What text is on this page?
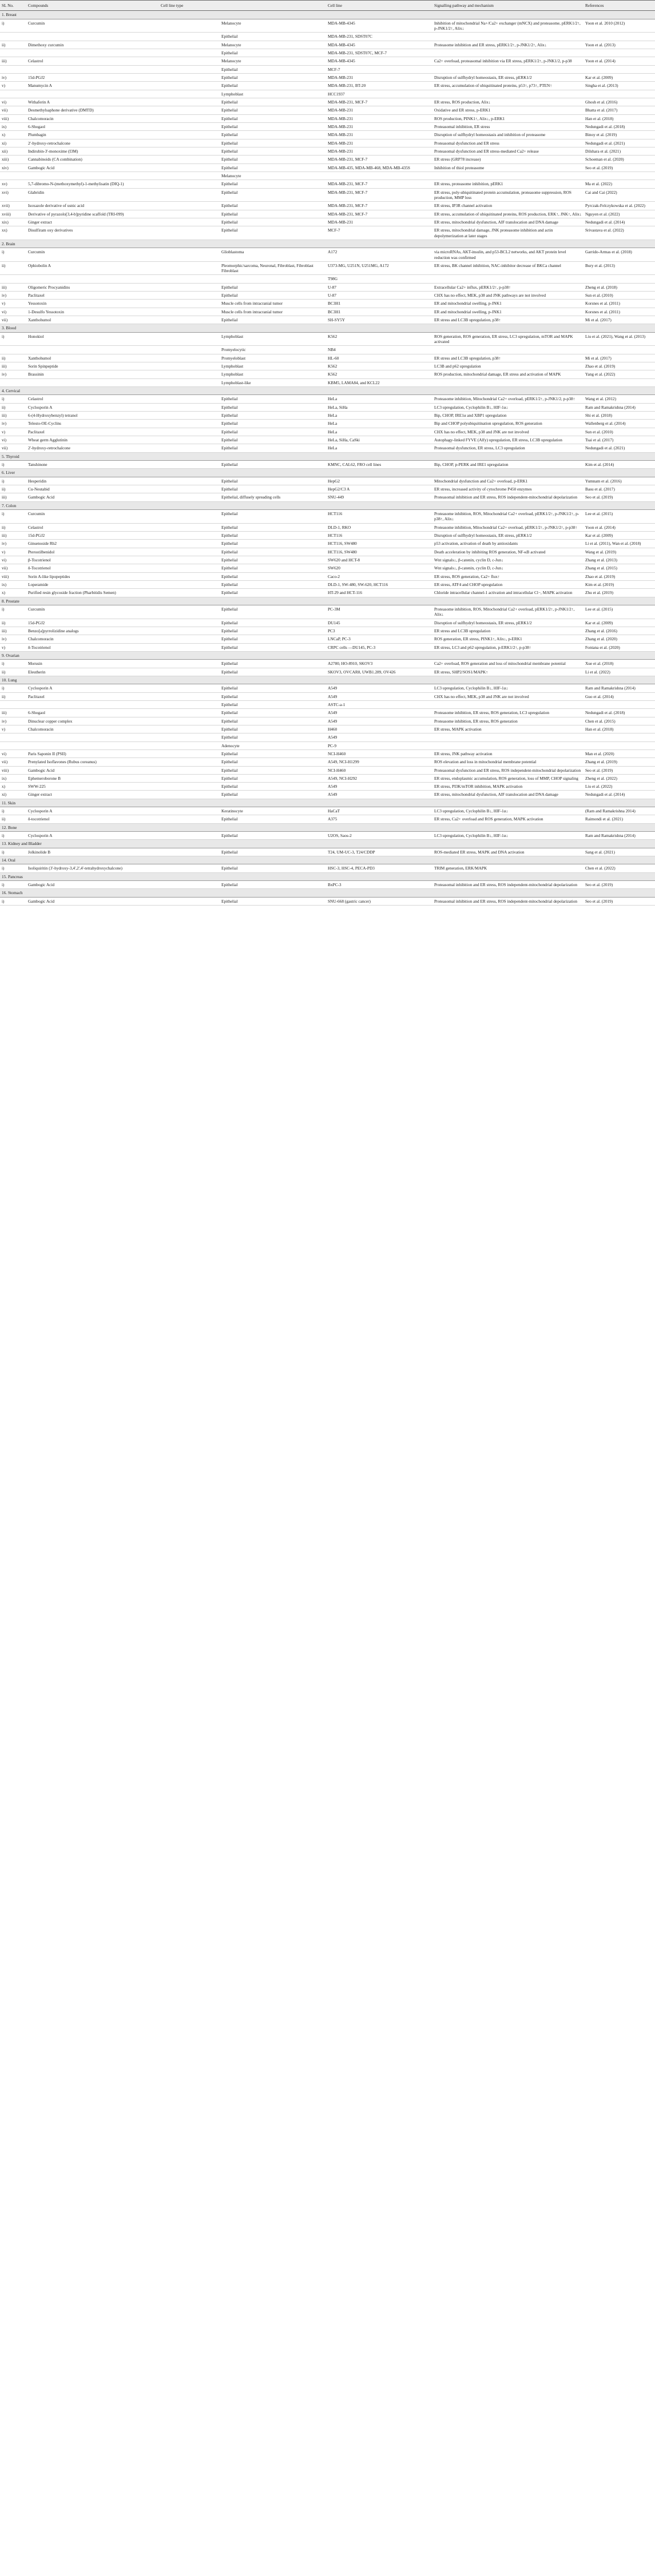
SL No.	Compounds	Cell line type		Cell line	Signalling pathway and mechanism	References
1. Breast						
i)	Curcumin		Melanocyte	MDA-MB-4345	Inhibition of mitochondrial Na+/Ca2+ exchanger (mNCX) and proteasome, pERK1/2↑, p-JNK1/2↑, Alix↓	Yoon et al. 2010 (2012)
			Epithelial	MDA-MB-231, SDST07C		
ii)	Dimethoxy curcumin		Melanocyte	MDA-MB-4345	Proteasome inhibition and ER stress, pERK1/2↑, p-JNK1/2↑, Alix↓	Yoon et al. (2013)
			Epithelial	MDA-MB-231, SDST07C, MCF-7		
iii)	Celastrol		Melanocyte	MDA-MB-4345	Ca2+ overload, proteasomal inhibition via ER stress, pERK1/2↑, p-JNK1/2, p-p38	Yoon et al. (2014)
			Epithelial	MCF-7		
iv)	15d-PGJ2		Epithelial	MDA-MB-231	Disruption of sulfhydryl homeostasis, ER stress, pERK1/2	Kar et al. (2009)
v)	Manumycin A		Epithelial	MDA-MB-231, BT-20	ER stress, accumulation of ubiquitinated proteins, p53↑, p73↑, PTEN↑	Singha et al. (2013)
			Lymphoblast	HCC1937		
vi)	Withaferin A		Epithelial	MDA-MB-231, MCF-7	ER stress, ROS production, Alix↓	Ghosh et al. (2016)
vii)	Desmethylsaphone derivative (DMTD)		Epithelial	MDA-MB-231	Oxidative and ER stress, p-ERK1	Bhatta et al. (2017)
viii)	Chalcomoracin		Epithelial	MDA-MB-231	ROS production, PINK1↑, Alix↓, p-ERK1	Han et al. (2018)
ix)	6-Shogaol		Epithelial	MDA-MB-231	Proteasomal inhibition, ER stress	Nedungadi et al. (2018)
x)	Plumbagin		Epithelial	MDA-MB-231	Disruption of sulfhydryl homeostasis and inhibition of proteasome	Binoy et al. (2019)
xi)	2'-hydroxy-retrochalcone		Epithelial	MDA-MB-231	Proteasomal dysfunction and ER stress	Nedungadi et al. (2021)
xii)	Indirubin-3'-monoxime (I3M)		Epithelial	MDA-MB-231	Proteasomal dysfunction and ER stress-mediated Ca2+ release	Dilshara et al. (2021)
xiii)	Cannabinoids (CA combination)		Epithelial	MDA-MB-231, MCF-7	ER stress (GRP78 increase)	Schoeman et al. (2020)
xiv)	Gambogic Acid		Epithelial	MDA-MB-435, MDA-MB-468, MDA-MB-435S	Inhibition of thiol proteasome	Seo et al. (2019)
			Melanocyte			
xv)	5,7-dibromo-N-(methoxymethyl)-1-methylisatin (DIQ-1)		Epithelial	MDA-MB-231, MCF-7	ER stress, proteasome inhibition, pERK1	Ma et al. (2022)
xvi)	Glabridin		Epithelial	MDA-MB-231, MCF-7	ER stress, poly-ubiquitinated protein accumulation, proteasome suppression, ROS production, MMP loss	Cai and Cai (2022)
xvii)	Isoxazole derivative of usnic acid		Epithelial	MDA-MB-231, MCF-7	ER stress, IP3R channel activation	Pyrczak-Felczykowska et al. (2022)
xviii)	Derivative of pyrazolo[3,4-b]pyridine scaffold (TRI-099)		Epithelial	MDA-MB-231, MCF-7	ER stress, accumulation of ubiquitinated proteins, ROS production, ERK↑, JNK↑, Alix↓	Nguyen et al. (2022)
xix)	Ginger extract		Epithelial	MDA-MB-231	ER stress, mitochondrial dysfunction, AIF translocation and DNA damage	Nedungadi et al. (2014)
xx)	Disulfiram oxy derivatives		Epithelial	MCF-7	ER stress, mitochondrial damage, JNK proteasome inhibition and actin depolymerization at later stages	Srivastava et al. (2022)
2. Brain						
i)	Curcumin		Glioblastoma	A172	via microRNAs, AKT-insulin, and p53-BCL2 networks, and AKT protein level reduction was confirmed	Garrido-Armas et al. (2018)
ii)	Ophiobolin A		Pleomorphic/sarcoma, Neuronal, Fibroblast, Fibroblast Fibroblast	U373-MG, U251N, U251MG, A172	ER stress, BK channel inhibition, NAC-inhibitor decrease of BKCa channel	Bury et al. (2013)
				T98G		
iii)	Oligomeric Procyanidins		Epithelial	U-87	Extracellular Ca2+ influx, pERK1/2↑, p-p38↑	Zheng et al. (2018)
iv)	Paclitaxel		Epithelial	U-87	CHX has no effect, MEK, p38 and JNK pathways are not involved	Sun et al. (2010)
v)	Yessotoxin		Muscle cells from intracranial tumor	BC3H1	ER and mitochondrial swelling, p-JNK1	Korsnes et al. (2011)
vi)	1-Desulfo Yessotoxin		Muscle cells from intracranial tumor	BC3H1	ER and mitochondrial swelling, p-JNK1	Korsnes et al. (2011)
vii)	Xanthohumol		Epithelial	SH-SY5Y	ER stress and LC3B upregulation, p38↑	Mi et al. (2017)
3. Blood						
i)	Honokiol		Lymphoblast	K562	ROS generation, ROS generation, ER stress, LC3 upregulation, mTOR and MAPK activated	Liu et al. (2021), Wang et al. (2013)
			Promyelocytic	NB4		
ii)	Xanthohumol		Promyeloblast	HL-60	ER stress and LC3B upregulation, p38↑	Mi et al. (2017)
iii)	Sorin Spinpeptide		Lymphoblast	K562	LC3B and p62 upregulation	Zhao et al. (2019)
iv)	Brassinin		Lymphoblast	K562	ROS production, mitochondrial damage, ER stress and activation of MAPK	Yang et al. (2022)
			Lymphoblast-like	KBM5, LAMA84, and KCL22		
4. Cervical						
i)	Celastrol		Epithelial	HeLa	Proteasome inhibition, Mitochondrial Ca2+ overload, pERK1/2↑, p-JNK1/2, p-p38↑	Wang et al. (2012)
ii)	Cyclosporin A		Epithelial	HeLa, SiHa	LC3 upregulation, Cyclophilin B↓, HIF-1α↓	Ram and Ramakrishna (2014)
iii)	6-(4-Hydroxybenzyl) tetranol		Epithelial	HeLa	Bip, CHOP, IRE1α and XBP1 upregulation	Shi et al. (2018)
iv)	Telesto-OE-Cyclins		Epithelial	HeLa	Bip and CHOP polyubiquitination upregulation, ROS generation	Wallenberg et al. (2014)
v)	Paclitaxel		Epithelial	HeLa	CHX has no effect, MEK, p38 and JNK are not involved	Sun et al. (2010)
vi)	Wheat germ Agglutinin		Epithelial	HeLa, SiHa, CaSki	Autophagy-linked FYVE (Alfy) upregulation, ER stress, LC3B upregulation	Tsai et al. (2017)
vii)	2'-hydroxy-retrochalcone		Epithelial	HeLa	Proteasomal dysfunction, ER stress, LC3 upregulation	Nedungadi et al. (2021)
5. Thyroid						
i)	Tanshinone		Epithelial	KMNC, CAL62, FRO cell lines	Bip, CHOP, p-PERK and IRE1 upregulation	Kim et al. (2014)
6. Liver						
i)	Hesperidin		Epithelial	HepG2	Mitochondrial dysfunction and Ca2+ overload, p-ERK1	Yumnam et al. (2016)
ii)	Cu-Neutabid		Epithelial	HepG2/C3 A	ER stress, increased activity of cytochrome P450 enzymes	Basu et al. (2017)
iii)	Gambogic Acid		Epithelial, diffusely spreading cells	SNU-449	Proteasomal inhibition and ER stress, ROS independent-mitochondrial depolarization	Seo et al. (2019)
7. Colon						
i)	Curcumin		Epithelial	HCT116	Proteasome inhibition, ROS, Mitochondrial Ca2+ overload, pERK1/2↑, p-JNK1/2↑, p-p38↑, Alix↓	Lee et al. (2015)
ii)	Celastrol		Epithelial	DLD-1, RKO	Proteasome inhibition, Mitochondrial Ca2+ overload, pERK1/2↑, p-JNK1/2↑, p-p38↑	Yoon et al. (2014)
iii)	15d-PGJ2		Epithelial	HCT116	Disruption of sulfhydryl homeostasis, ER stress, pERK1/2	Kar et al. (2009)
iv)	Ginsenoside Rh2		Epithelial	HCT116, SW480	p53 activation, activation of death by antioxidants	Li et al. (2011), Wan et al. (2018)
v)	Pterostilbenidol		Epithelial	HCT116, SW480	Death acceleration by inhibiting ROS generation, NF-κB activated	Wang et al. (2019)
vi)	β-Tocotrienol		Epithelial	SW620 and HCT-8	Wnt signals↓, β-catenin, cyclin D, c-Jun↓	Zhang et al. (2013)
vii)	δ-Tocotrienol		Epithelial	SW620	Wnt signals↓, β-catenin, cyclin D, c-Jun↓	Zhang et al. (2015)
viii)	Sorin A-like lipopeptides		Epithelial	Caco-2	ER stress, ROS generation, Ca2+ flux↑	Zhao et al. (2019)
ix)	Loperamide		Epithelial	DLD-1, SW-480, SW-620, HCT116	ER stress, ATF4 and CHOP upregulation	Kim et al. (2019)
x)	Purified resin glycoside fraction (Pharbitidis Semen)		Epithelial	HT-29 and HCT-116	Chloride intracellular channel-1 activation and intracellular Cl−, MAPK activation	Zhu et al. (2019)
8. Prostate						
i)	Curcumin		Epithelial	PC-3M	Proteasome inhibition, ROS, Mitochondrial Ca2+ overload, pERK1/2↑, p-JNK1/2↑, Alix↓	Lee et al. (2015)
ii)	15d-PGJ2		Epithelial	DU145	Disruption of sulfhydryl homeostasis, ER stress, pERK1/2	Kar et al. (2009)
iii)	Benzo[a]pyrrolizidine analogs		Epithelial	PC3	ER stress and LC3B upregulation	Zhang et al. (2016)
iv)	Chalcomoracin		Epithelial	LNCaP, PC-3	ROS generation, ER stress, PINK1↑, Alix↓, p-ERK1	Zhang et al. (2020)
v)	δ-Tocotrienol		Epithelial	CRPC cells —DU145, PC-3	ER stress, LC3 and p62 upregulation, p-ERK1/2↑, p-p38↑	Fontana et al. (2020)
9. Ovarian						
i)	Morusin		Epithelial	A2780, HO-8910, SKOV3	Ca2+ overload, ROS generation and loss of mitochondrial membrane potential	Xue et al. (2018)
ii)	Eleutherin		Epithelial	SKOV3, OVCAR8, UWB1.289, OV426	ER stress, SHP2/SOS1/MAPK↑	Li et al. (2022)
10. Lung						
i)	Cyclosporin A		Epithelial	A549	LC3 upregulation, Cyclophilin B↓, HIF-1α↓	Ram and Ramakrishna (2014)
ii)	Paclitaxel		Epithelial	A549	CHX has no effect, MEK, p38 and JNK are not involved	Guo et al. (2014)
			Epithelial	ASTC-a-1		
iii)	6-Shogaol		Epithelial	A549	Proteasome inhibition, ER stress, ROS generation, LC3 upregulation	Nedungadi et al. (2018)
iv)	Dinuclear copper complex		Epithelial	A549	Proteasome inhibition, ER stress, ROS generation	Chen et al. (2015)
v)	Chalcomoracin		Epithelial	H460	ER stress, MAPK activation	Han et al. (2018)
			Epithelial	A549		
			Adenocyte	PC-9		
vi)	Paris Saponin II (PSII)		Epithelial	NCI-H460	ER stress, JNK pathway activation	Man et al. (2020)
vii)	Prenylated Isoflavones (Rubus coreanus)		Epithelial	A549, NCI-H1299	ROS elevation and loss in mitochondrial membrane potential	Zhang et al. (2019)
viii)	Gambogic Acid		Epithelial	NCI-H460	Proteasomal dysfunction and ER stress, ROS independent-mitochondrial depolarization	Seo et al. (2019)
ix)	Ephemeroborone B		Epithelial	A549, NCI-H292	ER stress, endoplasmic accumulation, ROS generation, loss of MMP, CHOP signaling	Zheng et al. (2022)
x)	SWW-225		Epithelial	A549	ER stress, PI3K/mTOR inhibition, MAPK activation	Liu et al. (2022)
xi)	Ginger extract		Epithelial	A549	ER stress, mitochondrial dysfunction, AIF translocation and DNA damage	Nedungadi et al. (2014)
11. Skin						
i)	Cyclosporin A		Keratinocyte	HaCaT	LC3 upregulation, Cyclophilin B↓, HIF-1α↓	(Ram and Ramakrishna 2014)
ii)	δ-tocotrienol		Epithelial	A375	ER stress, Ca2+ overload and ROS generation, MAPK activation	Raimondi et al. (2021)
12. Bone						
i)	Cyclosporin A		Epithelial	U2OS, Saos-2	LC3 upregulation, Cyclophilin B↓, HIF-1α↓	Ram and Ramakrishna (2014)
13. Kidney and Bladder						
i)	Jolkinolide B		Epithelial	T24, UM-UC-3, T24/CDDP	ROS-mediated ER stress, MAPK and DNA activation	Sang et al. (2021)
14. Oral						
i)	Isoliquiritin (3'-hydroxy-3,4',2',4'-tetrahydroxychalcone)		Epithelial	HSC-3, HSC-4, PECA-PD3	TRIM generation, ERK/MAPK	Chen et al. (2022)
15. Pancreas						
i)	Gambogic Acid		Epithelial	BxPC-3	Proteasomal inhibition and ER stress, ROS independent-mitochondrial depolarization	Seo et al. (2019)
16. Stomach						
i)	Gambogic Acid		Epithelial	SNU-668 (gastric cancer)	Proteasomal inhibition and ER stress, ROS independent-mitochondrial depolarization	Seo et al. (2019)
